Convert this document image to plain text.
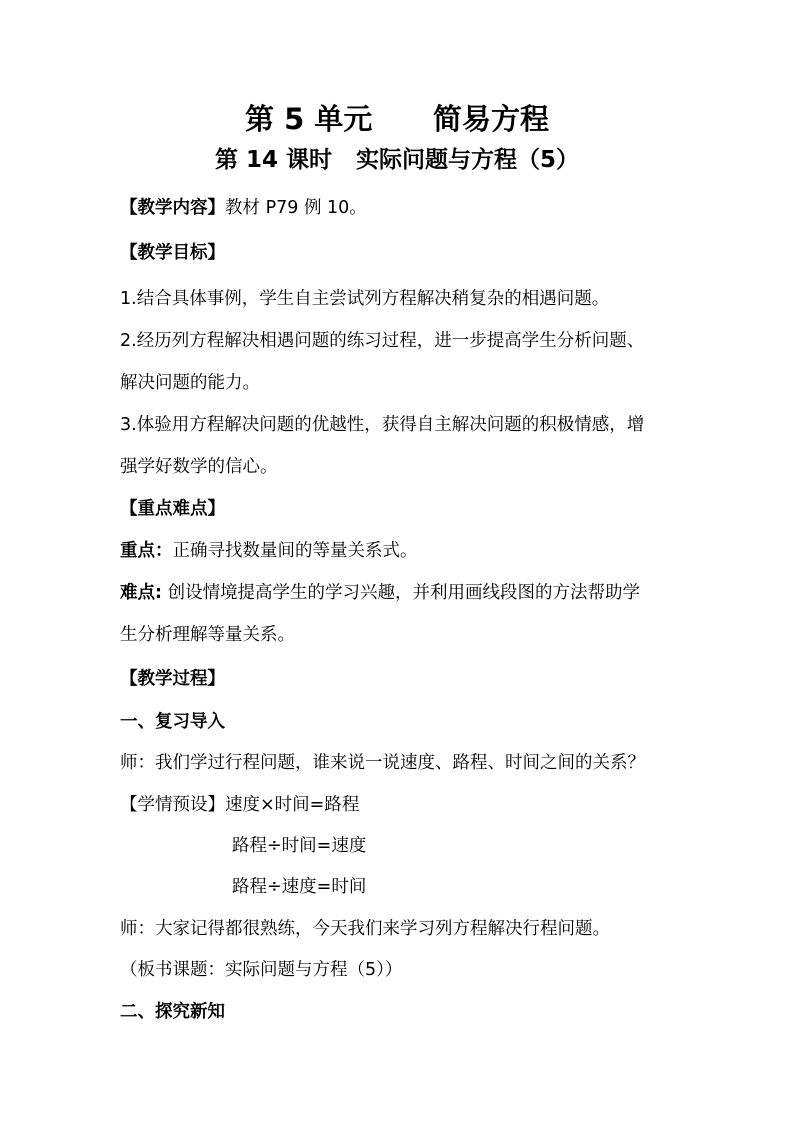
第 5 单元      简易方程
第 14 课时   实际问题与方程（5）
【教学内容】教材 P79 例 10。
【教学目标】
1.结合具体事例，学生自主尝试列方程解决稍复杂的相遇问题。
2.经历列方程解决相遇问题的练习过程，进一步提高学生分析问题、
解决问题的能力。
3.体验用方程解决问题的优越性，获得自主解决问题的积极情感，增
强学好数学的信心。
【重点难点】
重点：正确寻找数量间的等量关系式。
难点: 创设情境提高学生的学习兴趣，并利用画线段图的方法帮助学
生分析理解等量关系。
【教学过程】
一、复习导入
师：我们学过行程问题，谁来说一说速度、路程、时间之间的关系？
【学情预设】速度×时间=路程
路程÷时间=速度
路程÷速度=时间
师：大家记得都很熟练，今天我们来学习列方程解决行程问题。
（板书课题：实际问题与方程（5））
二、探究新知
